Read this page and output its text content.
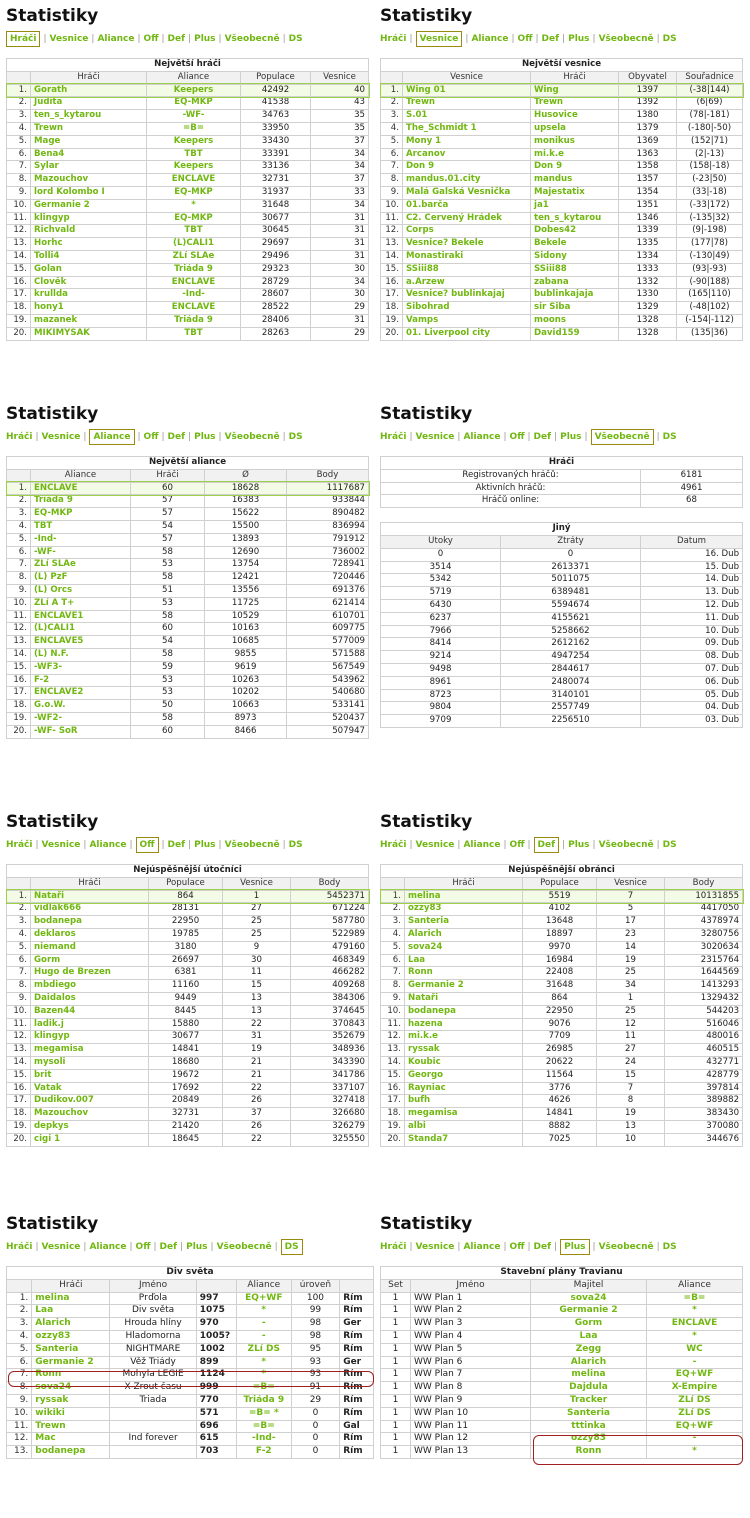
Statistiky
Hráči | Vesnice | Aliance | Off | Def | Plus | Všeobecně | DS
Největší hráči				
	Hráči	Aliance	Populace	Vesnice
1.	Gorath	Keepers	42492	40
2.	Judita	EQ-MKP	41538	43
3.	ten_s_kytarou	-WF-	34763	35
4.	Trewn	=B=	33950	35
5.	Mage	Keepers	33430	37
6.	Bena4	TBT	33391	34
7.	Sylar	Keepers	33136	34
8.	Mazouchov	ENCLAVE	32731	37
9.	lord Kolombo I	EQ-MKP	31937	33
10.	Germanie 2	*	31648	34
11.	klingyp	EQ-MKP	30677	31
12.	Richvald	TBT	30645	31
13.	Horhc	(L)CALI1	29697	31
14.	Tolli4	ZLí SLAe	29496	31
15.	Golan	Triáda 9	29323	30
16.	Člověk	ENCLAVE	28729	34
17.	krullda	-Ind-	28607	30
18.	hony1	ENCLAVE	28522	29
19.	mazanek	Triáda 9	28406	31
20.	MIKIMYSAK	TBT	28263	29
Statistiky
Hráči | Vesnice | Aliance | Off | Def | Plus | Všeobecně | DS
Největší vesnice				
	Vesnice	Hráči	Obyvatel	Souřadnice
1.	Wing 01	Wing	1397	(-38|144)
2.	Trewn	Trewn	1392	(6|69)
3.	S.01	Husovice	1380	(78|-181)
4.	The_Schmidt 1	upsela	1379	(-180|-50)
5.	Mony 1	monikus	1369	(152|71)
6.	Arcanov	mi.k.e	1363	(2|-13)
7.	Don 9	Don 9	1358	(158|-18)
8.	mandus.01.city	mandus	1357	(-23|50)
9.	Malá Galská Vesnička	Majestatix	1354	(33|-18)
10.	01.barča	ja1	1351	(-33|172)
11.	C2. Červený Hrádek	ten_s_kytarou	1346	(-135|32)
12.	Corps	Dobes42	1339	(9|-198)
13.	Vesnice? Bekele	Bekele	1335	(177|78)
14.	Monastiraki	Sidony	1334	(-130|49)
15.	SSiii88	SSiii88	1333	(93|-93)
16.	a.Arzew	zabana	1332	(-90|188)
17.	Vesnice? bublinkajaj	bublinkajaja	1330	(165|110)
18.	Sibohrad	sir Siba	1329	(-48|102)
19.	Vamps	moons	1328	(-154|-112)
20.	01. Liverpool city	David159	1328	(135|36)
Statistiky
Hráči | Vesnice | Aliance | Off | Def | Plus | Všeobecně | DS
Největší aliance				
	Aliance	Hráči	Ø	Body
1.	ENCLAVE	60	18628	1117687
2.	Triáda 9	57	16383	933844
3.	EQ-MKP	57	15622	890482
4.	TBT	54	15500	836994
5.	-Ind-	57	13893	791912
6.	-WF-	58	12690	736002
7.	ZLí SLAe	53	13754	728941
8.	(L) PzF	58	12421	720446
9.	(L) Orcs	51	13556	691376
10.	ZLí A T+	53	11725	621414
11.	ENCLAVE1	58	10529	610701
12.	(L)CALI1	60	10163	609775
13.	ENCLAVE5	54	10685	577009
14.	(L) N.F.	58	9855	571588
15.	-WF3-	59	9619	567549
16.	F-2	53	10263	543962
17.	ENCLAVE2	53	10202	540680
18.	G.o.W.	50	10663	533141
19.	-WF2-	58	8973	520437
20.	-WF- SoR	60	8466	507947
Statistiky
Hráči | Vesnice | Aliance | Off | Def | Plus | Všeobecně | DS
Hráči	
Registrovaných hráčů:	6181
Aktivních hráčů:	4961
Hráčů online:	68
Jiný		
Útoky	Ztráty	Datum
0	0	16. Dub
3514	2613371	15. Dub
5342	5011075	14. Dub
5719	6389481	13. Dub
6430	5594674	12. Dub
6237	4155621	11. Dub
7966	5258662	10. Dub
8414	2612162	09. Dub
9214	4947254	08. Dub
9498	2844617	07. Dub
8961	2480074	06. Dub
8723	3140101	05. Dub
9804	2557749	04. Dub
9709	2256510	03. Dub
Statistiky
Hráči | Vesnice | Aliance | Off | Def | Plus | Všeobecně | DS
Nejúspěšnější útočníci				
	Hráči	Populace	Vesnice	Body
1.	Nataři	864	1	5452371
2.	vidlák666	28131	27	671224
3.	bodanepa	22950	25	587780
4.	deklaros	19785	25	522989
5.	niemand	3180	9	479160
6.	Gorm	26697	30	468349
7.	Hugo de Brezen	6381	11	466282
8.	mbdiego	11160	15	409268
9.	Daidalos	9449	13	384306
10.	Bazen44	8445	13	374645
11.	ladik.j	15880	22	370843
12.	klingyp	30677	31	352679
13.	megamisa	14841	19	348936
14.	mysoli	18680	21	343390
15.	brit	19672	21	341786
16.	Vatak	17692	22	337107
17.	Dudikov.007	20849	26	327418
18.	Mazouchov	32731	37	326680
19.	depkys	21420	26	326279
20.	cigi 1	18645	22	325550
Statistiky
Hráči | Vesnice | Aliance | Off | Def | Plus | Všeobecně | DS
Nejúspěšnější obránci				
	Hráči	Populace	Vesnice	Body
1.	melina	5519	7	10131855
2.	ozzy83	4102	5	4417050
3.	Santeria	13648	17	4378974
4.	Alarich	18897	23	3280756
5.	sova24	9970	14	3020634
6.	Laa	16984	19	2315764
7.	Ronn	22408	25	1644569
8.	Germanie 2	31648	34	1413293
9.	Nataři	864	1	1329432
10.	bodanepa	22950	25	544203
11.	hazena	9076	12	516046
12.	mi.k.e	7709	11	480016
13.	ryssak	26985	27	460515
14.	Koubic	20622	24	432771
15.	Georgo	11564	15	428779
16.	Rayniac	3776	7	397814
17.	bufh	4626	8	389882
18.	megamisa	14841	19	383430
19.	albi	8882	13	370080
20.	Standa7	7025	10	344676
Statistiky
Hráči | Vesnice | Aliance | Off | Def | Plus | Všeobecně | DS
Div světa						
	Hráči	Jméno		Aliance	úroveň	
1.	melina	Prďola	997	EQ+WF	100	Řím
2.	Laa	Div světa	1075	*	99	Řím
3.	Alarich	Hrouda hlíny	970	-	98	Ger
4.	ozzy83	Hladomorna	1005?	-	98	Řím
5.	Santeria	NIGHTMARE	1002	ZLí DS	95	Řím
6.	Germanie 2	Věž Triády	899	*	93	Ger
7.	Ronn	Mohyla LEGIE	1124	*	93	Řím
8.	sova24	X-Žrout času	999	=B=	91	Řím
9.	ryssak	Triada	770	Triáda 9	29	Řím
10.	wikiki		571	=B= *	0	Řím
11.	Trewn		696	=B=	0	Gal
12.	Mac	Ind forever	615	-Ind-	0	Řím
13.	bodanepa		703	F-2	0	Řím
Statistiky
Hráči | Vesnice | Aliance | Off | Def | Plus | Všeobecně | DS
Stavební plány Travianu			
Set	Jméno	Majitel	Aliance
1	WW Plan 1	sova24	=B=
1	WW Plan 2	Germanie 2	*
1	WW Plan 3	Gorm	ENCLAVE
1	WW Plan 4	Laa	*
1	WW Plan 5	Zegg	WC
1	WW Plan 6	Alarich	-
1	WW Plan 7	melina	EQ+WF
1	WW Plan 8	Dajdula	X-Empire
1	WW Plan 9	Tracker	ZLí DS
1	WW Plan 10	Santeria	ZLí DS
1	WW Plan 11	tttinka	EQ+WF
1	WW Plan 12	ozzy83	-
1	WW Plan 13	Ronn	*
